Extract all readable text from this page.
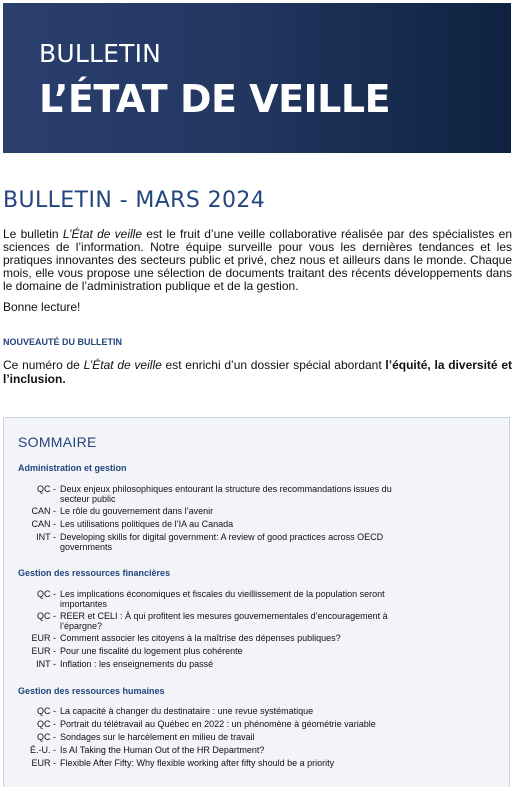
BULLETIN
L’ÉTAT DE VEILLE
BULLETIN - MARS 2024

Le bulletin L’État de veille est le fruit d’une veille collaborative réalisée par des spécialistes en sciences de l’information. Notre équipe surveille pour vous les dernières tendances et les pratiques innovantes des secteurs public et privé, chez nous et ailleurs dans le monde. Chaque mois, elle vous propose une sélection de documents traitant des récents développements dans le domaine de l’administration publique et de la gestion.

Bonne lecture!

NOUVEAUTÉ DU BULLETIN

Ce numéro de L’État de veille est enrichi d’un dossier spécial abordant l’équité, la diversité et l’inclusion.

SOMMAIRE
Administration et gestion
QC - Deux enjeux philosophiques entourant la structure des recommandations issues du secteur public
CAN - Le rôle du gouvernement dans l’avenir
CAN - Les utilisations politiques de l’IA au Canada
INT - Developing skills for digital government: A review of good practices across OECD governments
Gestion des ressources financières
QC - Les implications économiques et fiscales du vieillissement de la population seront importantes
QC - REER et CELI : À qui profitent les mesures gouvernementales d’encouragement à l’épargne?
EUR - Comment associer les citoyens à la maîtrise des dépenses publiques?
EUR - Pour une fiscalité du logement plus cohérente
INT - Inflation : les enseignements du passé
Gestion des ressources humaines
QC - La capacité à changer du destinataire : une revue systématique
QC - Portrait du télétravail au Québec en 2022 : un phénomène à géométrie variable
QC - Sondages sur le harcèlement en milieu de travail
É.-U. - Is AI Taking the Human Out of the HR Department?
EUR - Flexible After Fifty: Why flexible working after fifty should be a priority
